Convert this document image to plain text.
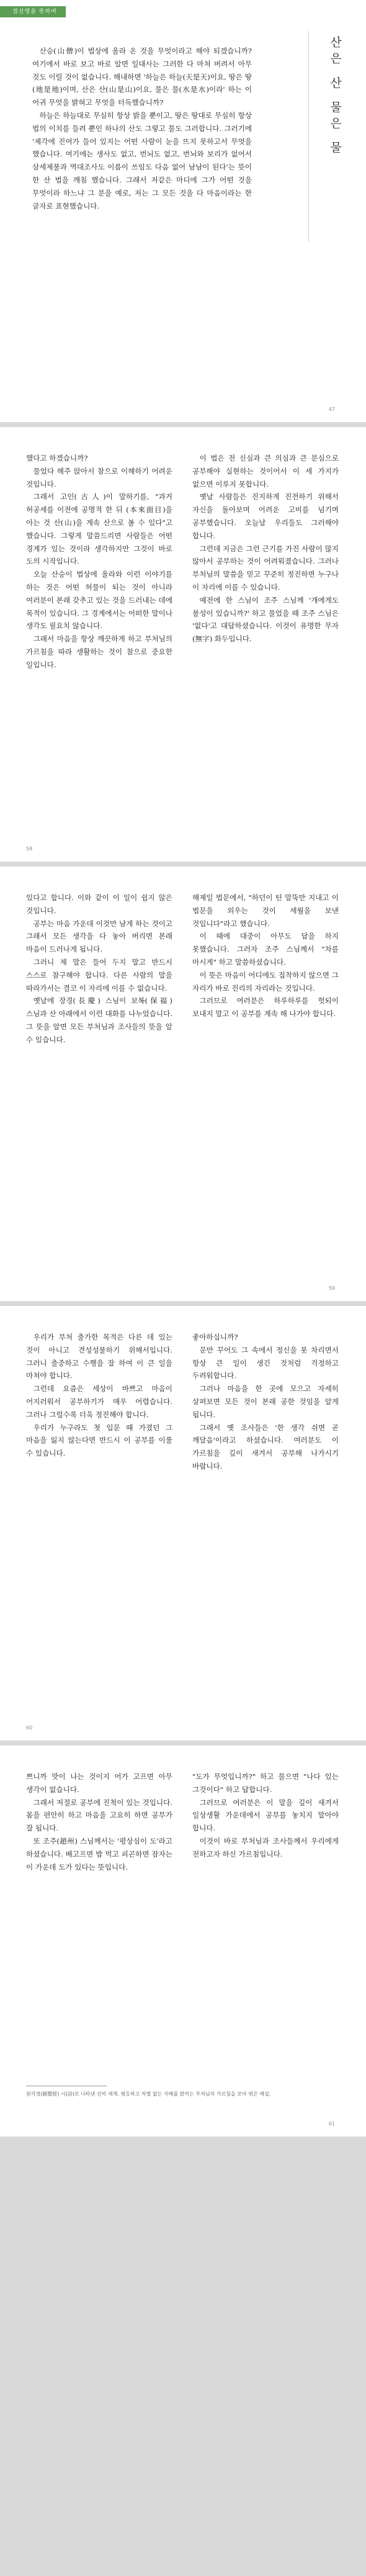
접신명을 뜻하며
산은 산 물은 물

산승(山僧)이 법상에 올라 온 것을 무엇이라고 해야 되겠습니까? 여기에서 바로 보고 바로 알면 일대사는 그러한 다 마쳐 버려서 아무 것도 이릴 것이 없습니다. 해내하면 '하늘은 하늘(天是天)이요, 땅은 땅(地是地)이며, 산은 산(山是山)이요, 물은 물(水是水)이라' 하는 이 어귀 무엇을 밝혀고 무엇을 터득했습니까?

하늘은 하늘대로 무심히 항상 밝을 뿐이고, 땅은 땅대로 무심히 항상 법의 이치를 들려 뿐인 하나의 산도 그렇고 물도 그러합니다. 그러기에 '제각에 진여가 들어 있지는 어떤 사람이 눈을 뜨지 못하고서 무엇을 했습니다. 여기에는 생사도 없고, 번뇌도 없고, 번뇌와 보리가 없어서 삼세제불과 역대조사도 이름이 쓰임도 다음 없어 남남이 된다'는 뜻이 한 산 법을 깨침 했습니다. 그래서 저같은 마디에 그가 어떤 것을 무엇이라 하느냐 그 분을 예로, 저는 그 모든 것을 다 마음이라는 한 글자로 표현했습니다.

47

했다고 하겠습니까?

물었다 해주 앉아서 참으로 이해하기 어려운 것입니다.

그래서 고인(古人)이 말하기를, "과거 허공세를 이전에 공명적 한 뒤 (本來面目)을 아는 것 산(山)을 계속 산으로 볼 수 있다"고 했습니다. 그렇게 말씀드리면 사람들은 어떤 경계가 있는 것이라 생각하지만 그것이 바로 도의 시작입니다.

오늘 산승이 법상에 올라와 이런 이야기를 하는 것은 어떤 허물이 되는 것이 아니라 여러분이 본래 갖추고 있는 것을 드러내는 데에 목적이 있습니다. 그 경계에서는 어떠한 말이나 생각도 필요치 않습니다.

그래서 마음을 항상 깨끗하게 하고 부처님의 가르침을 따라 생활하는 것이 참으로 중요한 일입니다.

이 법은 전 신심과 큰 의심과 큰 분심으로 공부해야 실현하는 것이어서 이 세 가지가 없으면 이루지 못합니다.

옛날 사람들은 진지하게 진전하기 위해서 자신을 돌아보며 어려운 고비를 넘기며 공부했습니다. 오늘날 우리들도 그러해야 합니다.

그런데 지금은 그런 근기를 가진 사람이 많지 않아서 공부하는 것이 어려워졌습니다. 그러나 부처님의 말씀을 믿고 꾸준히 정진하면 누구나 이 자리에 이를 수 있습니다.

예전에 한 스님이 조주 스님께 '개에게도 불성이 있습니까?' 하고 물었을 때 조주 스님은 '없다'고 대답하셨습니다. 이것이 유명한 무자(無字) 화두입니다.

58

있다고 합니다. 이와 같이 이 일이 쉽지 않은 것입니다.

공부는 마음 가운데 이것만 남게 하는 것이고 그래서 모든 생각을 다 놓아 버리면 본래 마음이 드러나게 됩니다.

그러니 제 말은 들어 두지 말고 반드시 스스로 참구해야 합니다. 다른 사람의 말을 따라가서는 결코 이 자리에 이를 수 없습니다.

옛날에 장경(長慶) 스님이 보복(保福) 스님과 산 아래에서 이런 대화를 나누었습니다. 그 뜻을 알면 모든 부처님과 조사들의 뜻을 알 수 있습니다.

해제일 법문에서, "하던이 틴 말뚝만 지내고 이 법문을 외우는 것이 세월을 보낸 것입니다"라고 했습니다.

이 때에 대중이 아무도 답을 하지 못했습니다. 그러자 조주 스님께서 "차를 마시게" 하고 말씀하셨습니다.

이 뜻은 마음이 어디에도 집착하지 않으면 그 자리가 바로 진리의 자리라는 것입니다.

그러므로 여러분은 하루하루를 헛되이 보내지 말고 이 공부를 계속 해 나가야 합니다.

59

우리가 부처 출가한 목적은 다른 데 있는 것이 아니고 견성성불하기 위해서입니다. 그러니 출중하고 수행을 잘 하여 이 큰 일을 마쳐야 합니다.

그런데 요즘은 세상이 바쁘고 마음이 어지러워서 공부하기가 매우 어렵습니다. 그러나 그럴수록 더욱 정진해야 합니다.

우리가 누구라도 첫 입문 때 가졌던 그 마음을 잃지 않는다면 반드시 이 공부를 이룰 수 있습니다.

좋아하십니까?

문만 꾸어도 그 속에서 정신을 못 차리면서 항상 큰 일이 생긴 것처럼 걱정하고 두려워합니다.

그러나 마음을 한 곳에 모으고 자세히 살펴보면 모든 것이 본래 공한 것임을 알게 됩니다.

그래서 옛 조사들은 '한 생각 쉬면 곧 깨달음'이라고 하셨습니다. 여러분도 이 가르침을 깊이 새겨서 공부해 나가시기 바랍니다.

60

쁘니까 맛이 나는 것이지 어가 고프면 아무 생각이 없습니다.

그래서 저절로 공부에 진척이 있는 것입니다. 몸을 편안히 하고 마음을 고요히 하면 공부가 잘 됩니다.

또 조주(趙州) 스님께서는 '평상심이 도'라고 하셨습니다. 배고프면 밥 먹고 피곤하면 잠자는 이 가운데 도가 있다는 뜻입니다.

"도가 무엇입니까?" 하고 물으면 "나다 있는 그것이다" 하고 답합니다.

그러므로 여러분은 이 말을 깊이 새겨서 일상생활 가운데에서 공부를 놓치지 말아야 합니다.

이것이 바로 부처님과 조사들께서 우리에게 전하고자 하신 가르침입니다.

원각경(圓覺經) 시(詩)로 나타낸 선의 세계. 평등하고 차별 없는 지혜를 밝히는 부처님의 가르침을 모아 엮은 해설.
61
